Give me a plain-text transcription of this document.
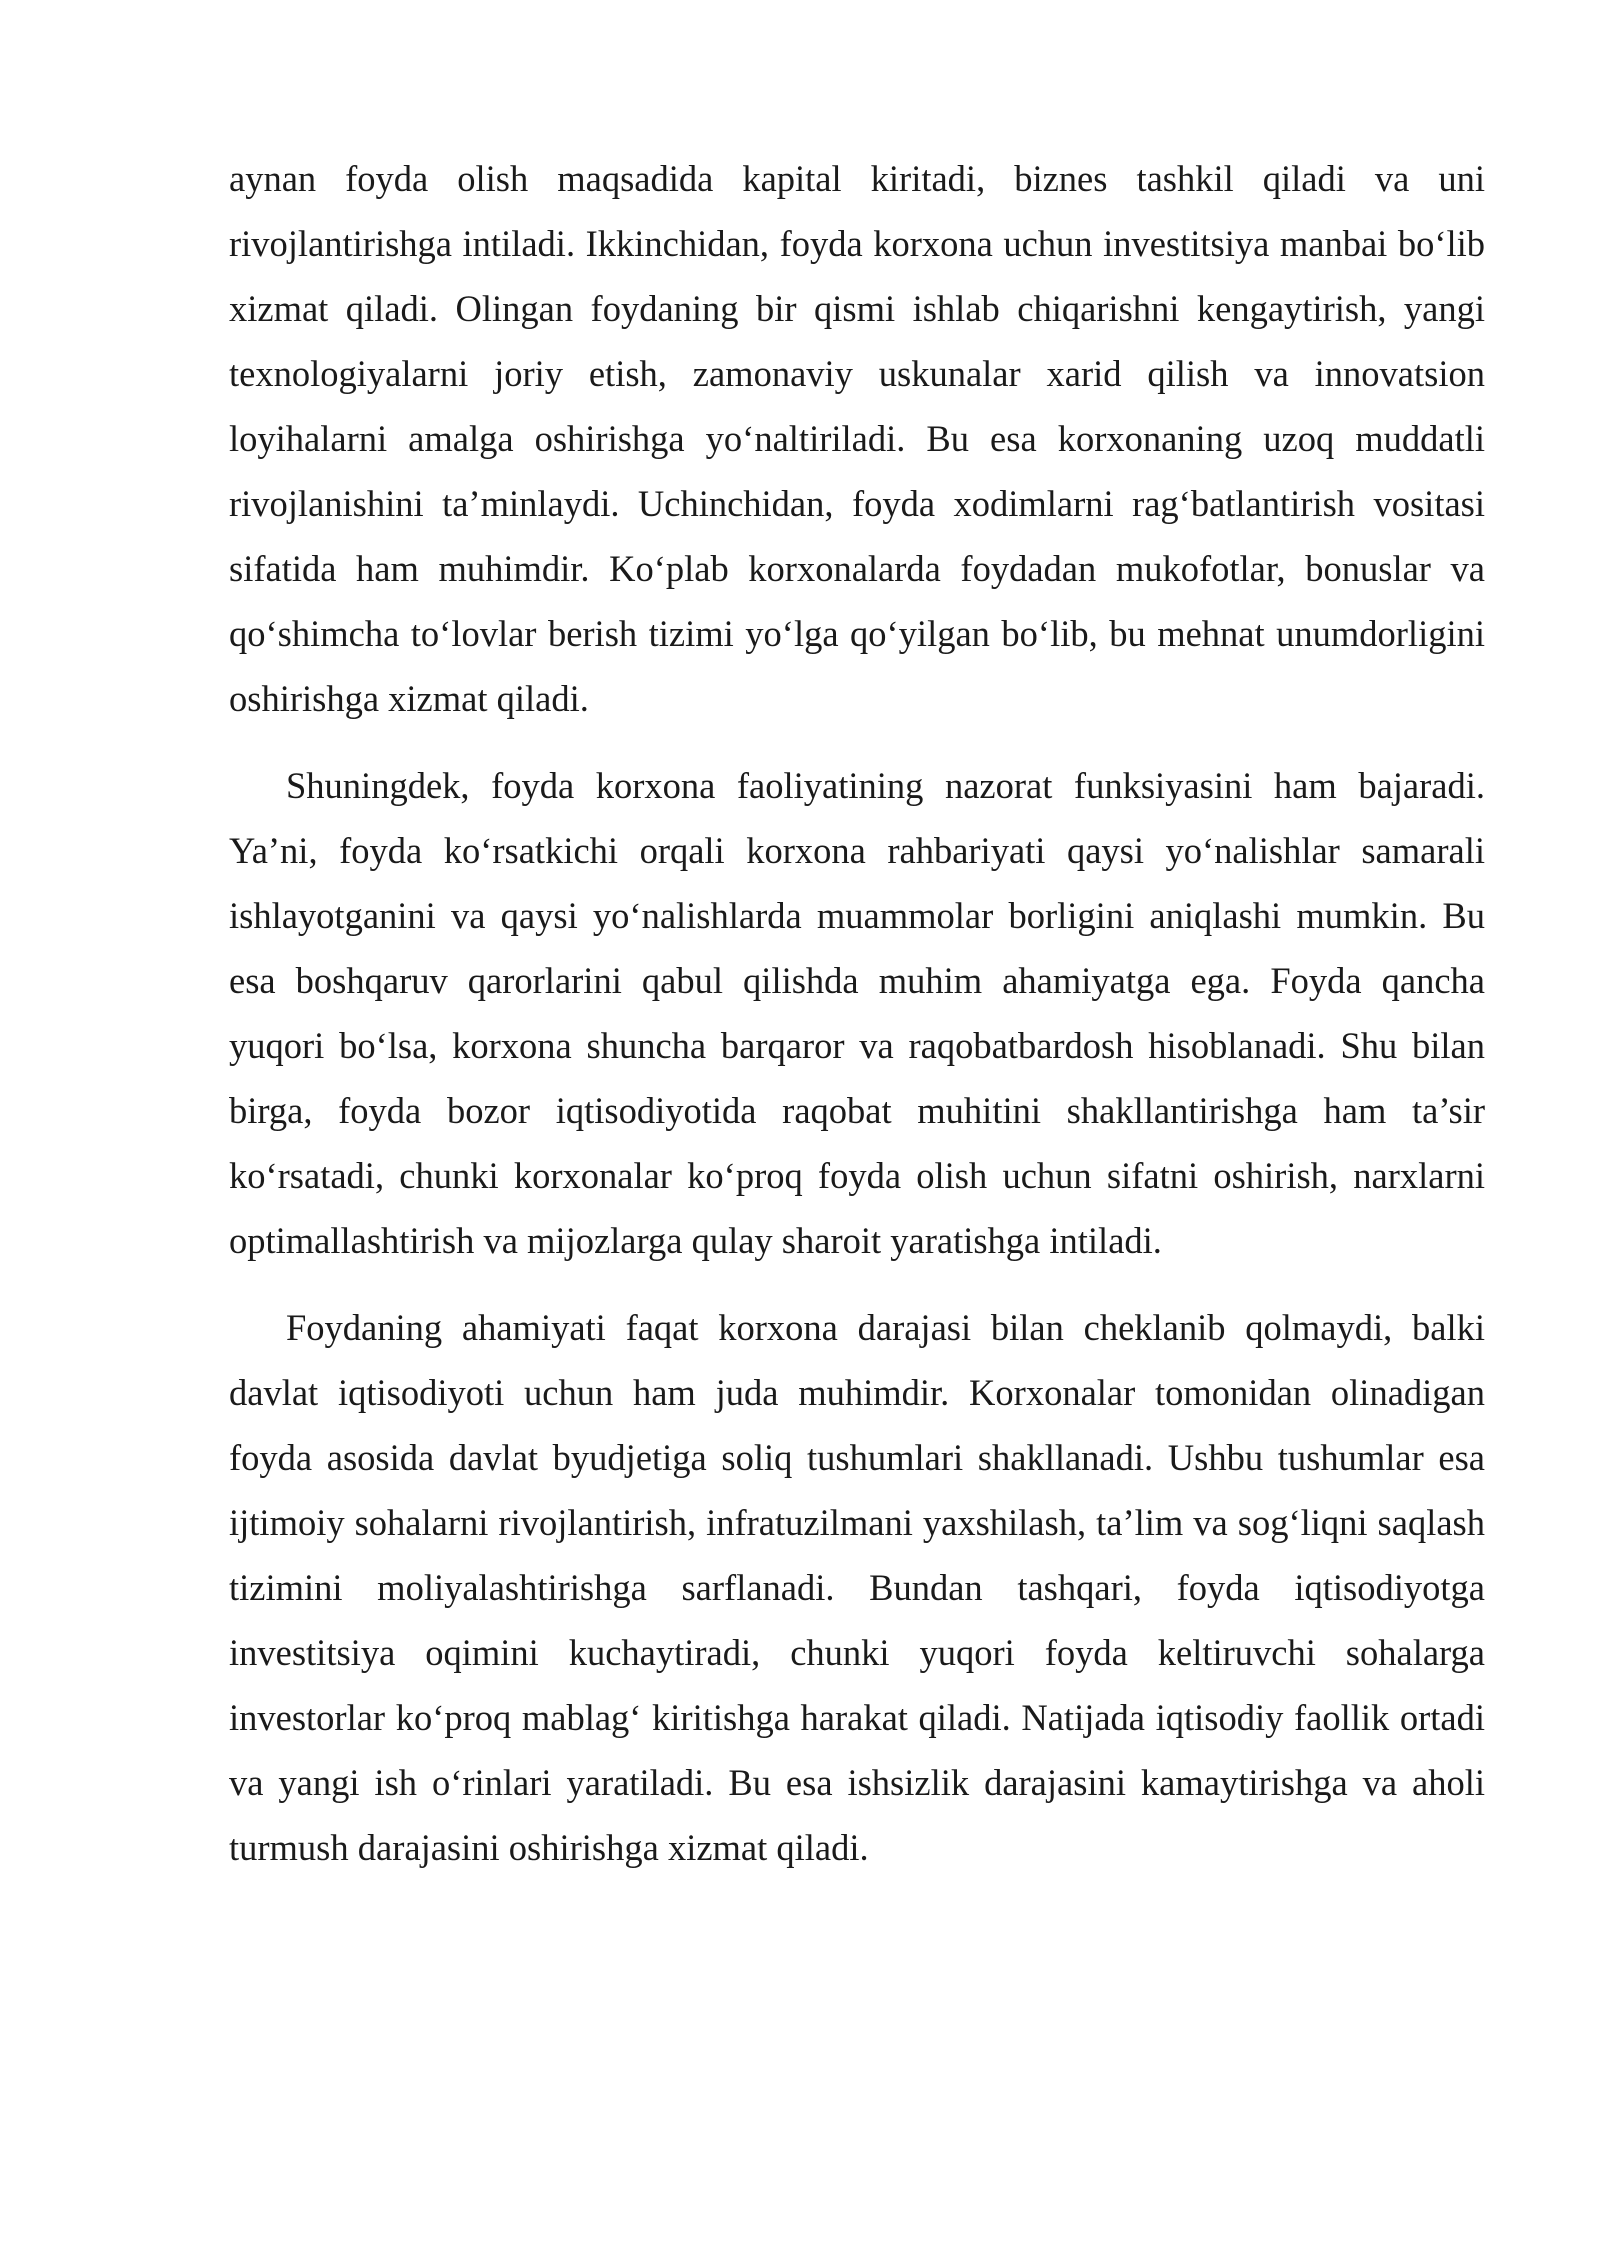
aynan foyda olish maqsadida kapital kiritadi, biznes tashkil qiladi va uni rivojlantirishga intiladi. Ikkinchidan, foyda korxona uchun investitsiya manbai bo‘lib xizmat qiladi. Olingan foydaning bir qismi ishlab chiqarishni kengaytirish, yangi texnologiyalarni joriy etish, zamonaviy uskunalar xarid qilish va innovatsion loyihalarni amalga oshirishga yo‘naltiriladi. Bu esa korxonaning uzoq muddatli rivojlanishini ta’minlaydi. Uchinchidan, foyda xodimlarni rag‘batlantirish vositasi sifatida ham muhimdir. Ko‘plab korxonalarda foydadan mukofotlar, bonuslar va qo‘shimcha to‘lovlar berish tizimi yo‘lga qo‘yilgan bo‘lib, bu mehnat unumdorligini oshirishga xizmat qiladi.

Shuningdek, foyda korxona faoliyatining nazorat funksiyasini ham bajaradi. Ya’ni, foyda ko‘rsatkichi orqali korxona rahbariyati qaysi yo‘nalishlar samarali ishlayotganini va qaysi yo‘nalishlarda muammolar borligini aniqlashi mumkin. Bu esa boshqaruv qarorlarini qabul qilishda muhim ahamiyatga ega. Foyda qancha yuqori bo‘lsa, korxona shuncha barqaror va raqobatbardosh hisoblanadi. Shu bilan birga, foyda bozor iqtisodiyotida raqobat muhitini shakllantirishga ham ta’sir ko‘rsatadi, chunki korxonalar ko‘proq foyda olish uchun sifatni oshirish, narxlarni optimallashtirish va mijozlarga qulay sharoit yaratishga intiladi.

Foydaning ahamiyati faqat korxona darajasi bilan cheklanib qolmaydi, balki davlat iqtisodiyoti uchun ham juda muhimdir. Korxonalar tomonidan olinadigan foyda asosida davlat byudjetiga soliq tushumlari shakllanadi. Ushbu tushumlar esa ijtimoiy sohalarni rivojlantirish, infratuzilmani yaxshilash, ta’lim va sog‘liqni saqlash tizimini moliyalashtirishga sarflanadi. Bundan tashqari, foyda iqtisodiyotga investitsiya oqimini kuchaytiradi, chunki yuqori foyda keltiruvchi sohalarga investorlar ko‘proq mablag‘ kiritishga harakat qiladi. Natijada iqtisodiy faollik ortadi va yangi ish o‘rinlari yaratiladi. Bu esa ishsizlik darajasini kamaytirishga va aholi turmush darajasini oshirishga xizmat qiladi.
